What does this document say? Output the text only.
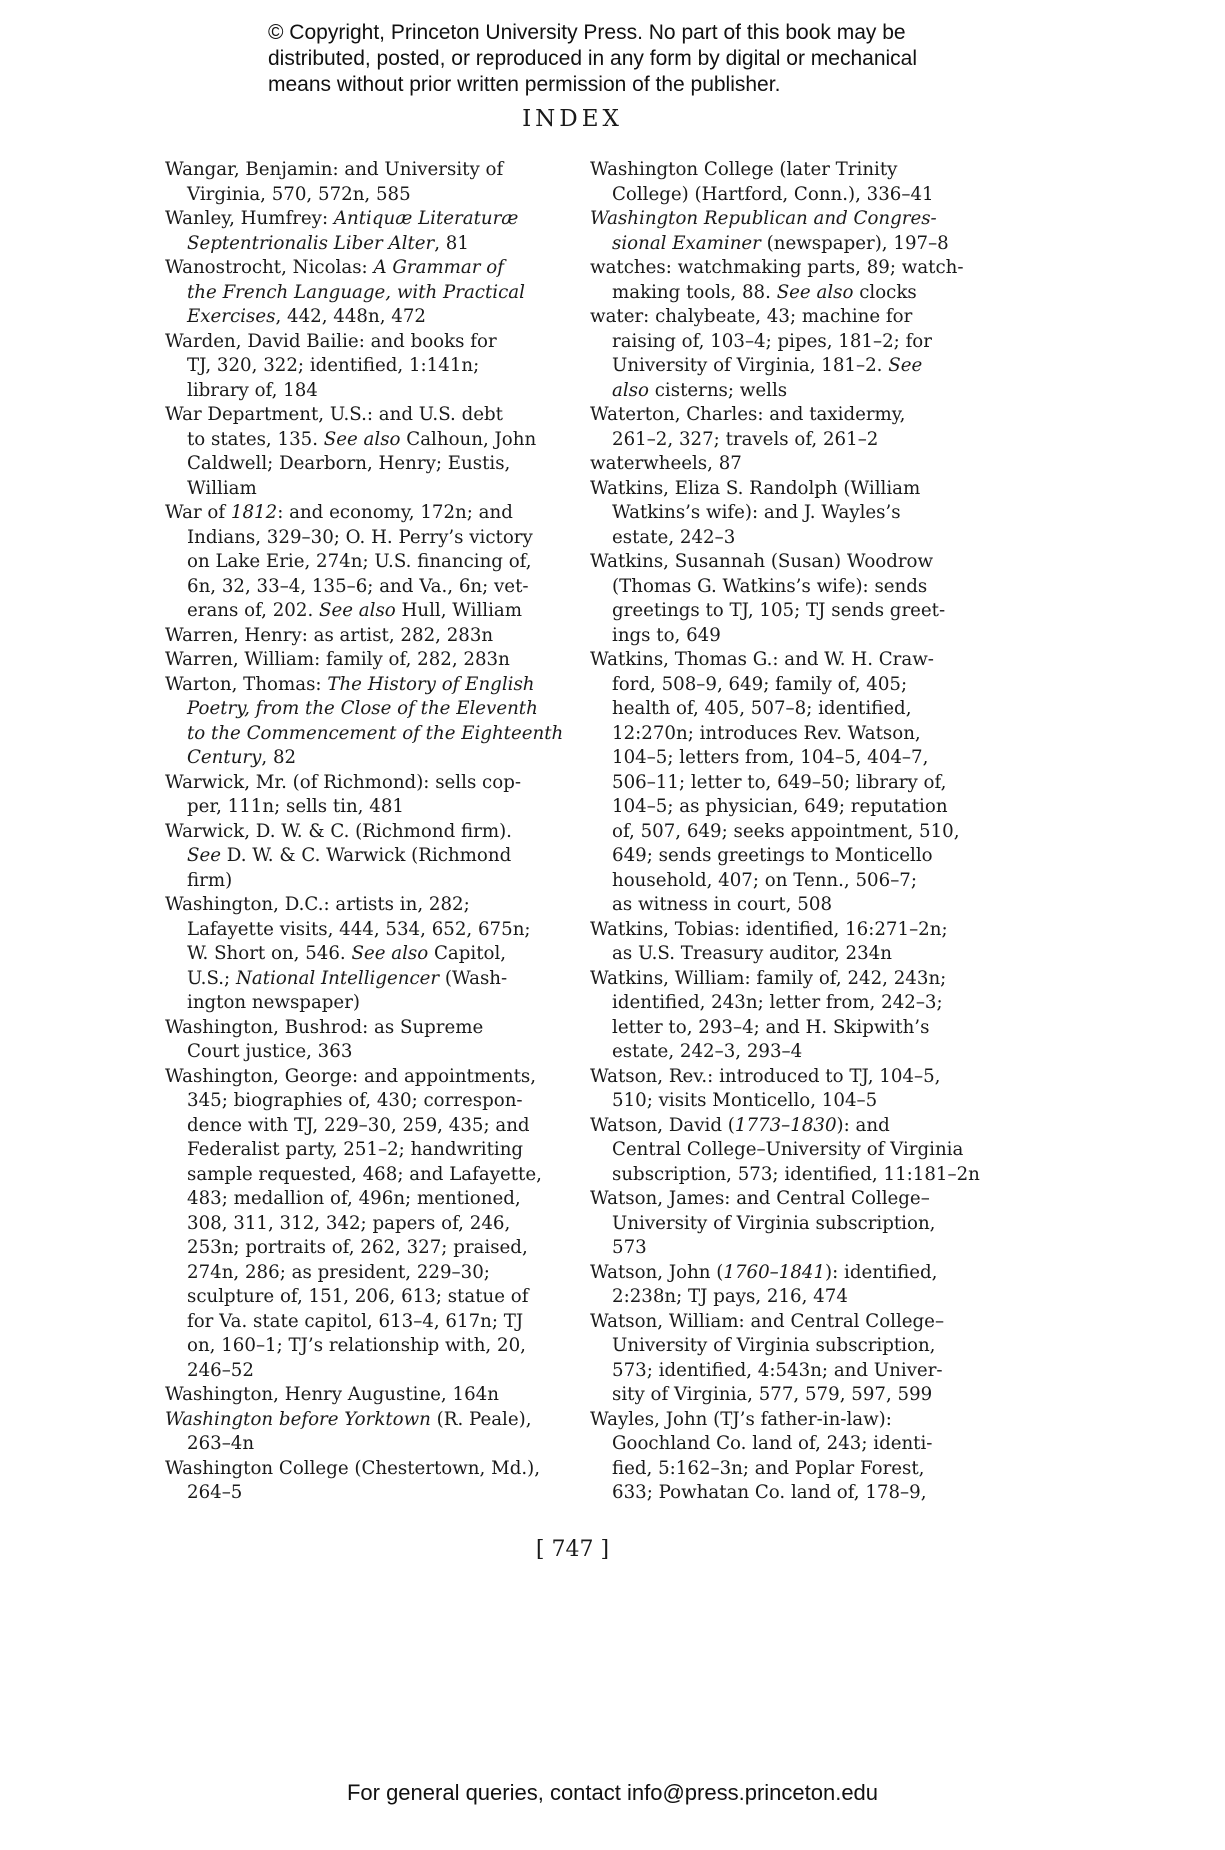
© Copyright, Princeton University Press. No part of this book may be
distributed, posted, or reproduced in any form by digital or mechanical
means without prior written permission of the publisher.
INDEX
Wangar, Benjamin: and University of
Virginia, 570, 572n, 585
Wanley, Humfrey: Antiquæ Literaturæ
Septentrionalis Liber Alter, 81
Wanostrocht, Nicolas: A Grammar of
the French Language, with Practical
Exercises, 442, 448n, 472
Warden, David Bailie: and books for
TJ, 320, 322; identified, 1:141n;
library of, 184
War Department, U.S.: and U.S. debt
to states, 135. See also Calhoun, John
Caldwell; Dearborn, Henry; Eustis,
William
War of 1812: and economy, 172n; and
Indians, 329–30; O. H. Perry’s victory
on Lake Erie, 274n; U.S. financing of,
6n, 32, 33–4, 135–6; and Va., 6n; vet-
erans of, 202. See also Hull, William
Warren, Henry: as artist, 282, 283n
Warren, William: family of, 282, 283n
Warton, Thomas: The History of English
Poetry, from the Close of the Eleventh
to the Commencement of the Eighteenth
Century, 82
Warwick, Mr. (of Richmond): sells cop-
per, 111n; sells tin, 481
Warwick, D. W. & C. (Richmond firm).
See D. W. & C. Warwick (Richmond
firm)
Washington, D.C.: artists in, 282;
Lafayette visits, 444, 534, 652, 675n;
W. Short on, 546. See also Capitol,
U.S.; National Intelligencer (Wash-
ington newspaper)
Washington, Bushrod: as Supreme
Court justice, 363
Washington, George: and appointments,
345; biographies of, 430; correspon-
dence with TJ, 229–30, 259, 435; and
Federalist party, 251–2; handwriting
sample requested, 468; and Lafayette,
483; medallion of, 496n; mentioned,
308, 311, 312, 342; papers of, 246,
253n; portraits of, 262, 327; praised,
274n, 286; as president, 229–30;
sculpture of, 151, 206, 613; statue of
for Va. state capitol, 613–4, 617n; TJ
on, 160–1; TJ’s relationship with, 20,
246–52
Washington, Henry Augustine, 164n
Washington before Yorktown (R. Peale),
263–4n
Washington College (Chestertown, Md.),
264–5
Washington College (later Trinity
College) (Hartford, Conn.), 336–41
Washington Republican and Congres-
sional Examiner (newspaper), 197–8
watches: watchmaking parts, 89; watch-
making tools, 88. See also clocks
water: chalybeate, 43; machine for
raising of, 103–4; pipes, 181–2; for
University of Virginia, 181–2. See
also cisterns; wells
Waterton, Charles: and taxidermy,
261–2, 327; travels of, 261–2
waterwheels, 87
Watkins, Eliza S. Randolph (William
Watkins’s wife): and J. Wayles’s
estate, 242–3
Watkins, Susannah (Susan) Woodrow
(Thomas G. Watkins’s wife): sends
greetings to TJ, 105; TJ sends greet-
ings to, 649
Watkins, Thomas G.: and W. H. Craw-
ford, 508–9, 649; family of, 405;
health of, 405, 507–8; identified,
12:270n; introduces Rev. Watson,
104–5; letters from, 104–5, 404–7,
506–11; letter to, 649–50; library of,
104–5; as physician, 649; reputation
of, 507, 649; seeks appointment, 510,
649; sends greetings to Monticello
household, 407; on Tenn., 506–7;
as witness in court, 508
Watkins, Tobias: identified, 16:271–2n;
as U.S. Treasury auditor, 234n
Watkins, William: family of, 242, 243n;
identified, 243n; letter from, 242–3;
letter to, 293–4; and H. Skipwith’s
estate, 242–3, 293–4
Watson, Rev.: introduced to TJ, 104–5,
510; visits Monticello, 104–5
Watson, David (1773–1830): and
Central College–University of Virginia
subscription, 573; identified, 11:181–2n
Watson, James: and Central College–
University of Virginia subscription,
573
Watson, John (1760–1841): identified,
2:238n; TJ pays, 216, 474
Watson, William: and Central College–
University of Virginia subscription,
573; identified, 4:543n; and Univer-
sity of Virginia, 577, 579, 597, 599
Wayles, John (TJ’s father-in-law):
Goochland Co. land of, 243; identi-
fied, 5:162–3n; and Poplar Forest,
633; Powhatan Co. land of, 178–9,
[ 747 ]
For general queries, contact info@press.princeton.edu
